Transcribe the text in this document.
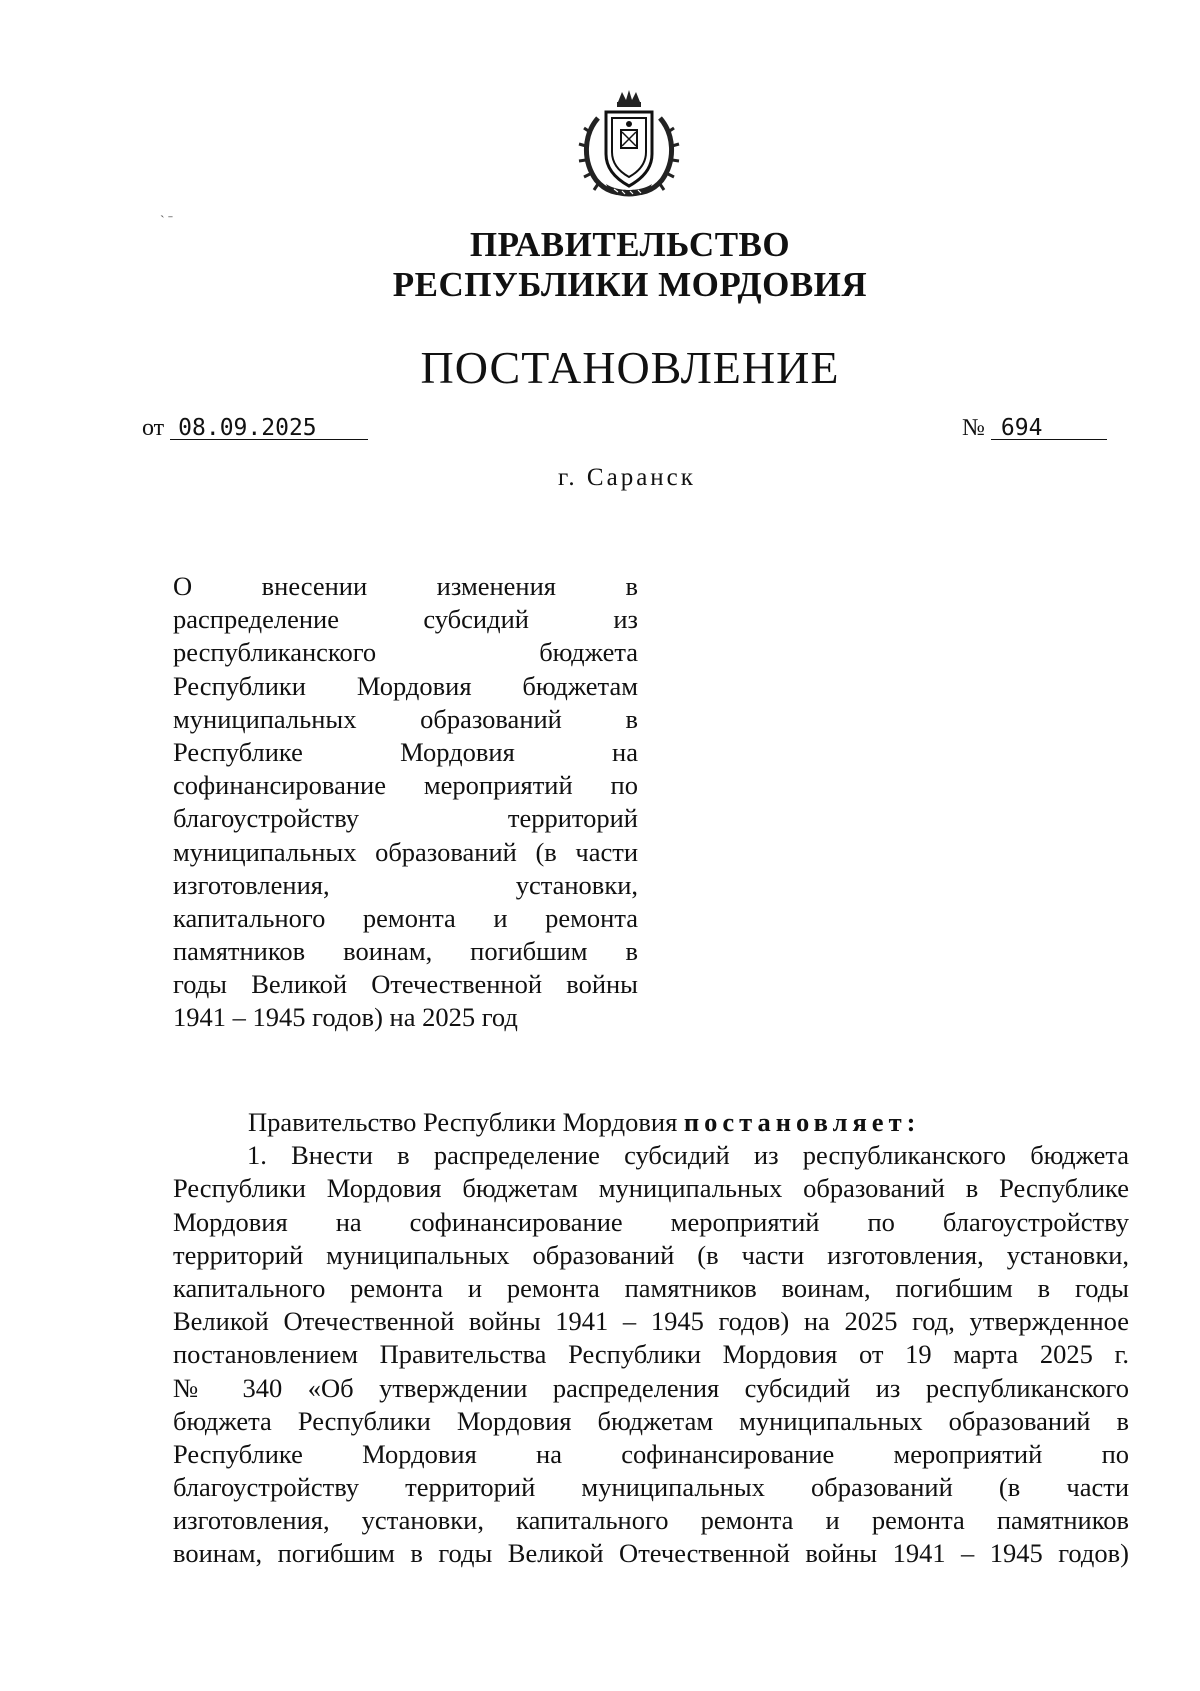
ˋ ˉ
ПРАВИТЕЛЬСТВО
РЕСПУБЛИКИ МОРДОВИЯ
ПОСТАНОВЛЕНИЕ
от 08.09.2025	№ 694
г. Саранск
О внесении изменения в
распределение субсидий из
республиканского бюджета
Республики Мордовия бюджетам
муниципальных образований в
Республике Мордовия на
софинансирование мероприятий по
благоустройству территорий
муниципальных образований (в части
изготовления, установки,
капитального ремонта и ремонта
памятников воинам, погибшим в
годы Великой Отечественной войны
1941 – 1945 годов) на 2025 год
Правительство Республики Мордовия постановляет:
1. Внести в распределение субсидий из республиканского бюджета
Республики Мордовия бюджетам муниципальных образований в Республике
Мордовия на софинансирование мероприятий по благоустройству
территорий муниципальных образований (в части изготовления, установки,
капитального ремонта и ремонта памятников воинам, погибшим в годы
Великой Отечественной войны 1941 – 1945 годов) на 2025 год, утвержденное
постановлением Правительства Республики Мордовия от 19 марта 2025 г.
№ 340 «Об утверждении распределения субсидий из республиканского
бюджета Республики Мордовия бюджетам муниципальных образований в
Республике Мордовия на софинансирование мероприятий по
благоустройству территорий муниципальных образований (в части
изготовления, установки, капитального ремонта и ремонта памятников
воинам, погибшим в годы Великой Отечественной войны 1941 – 1945 годов)
